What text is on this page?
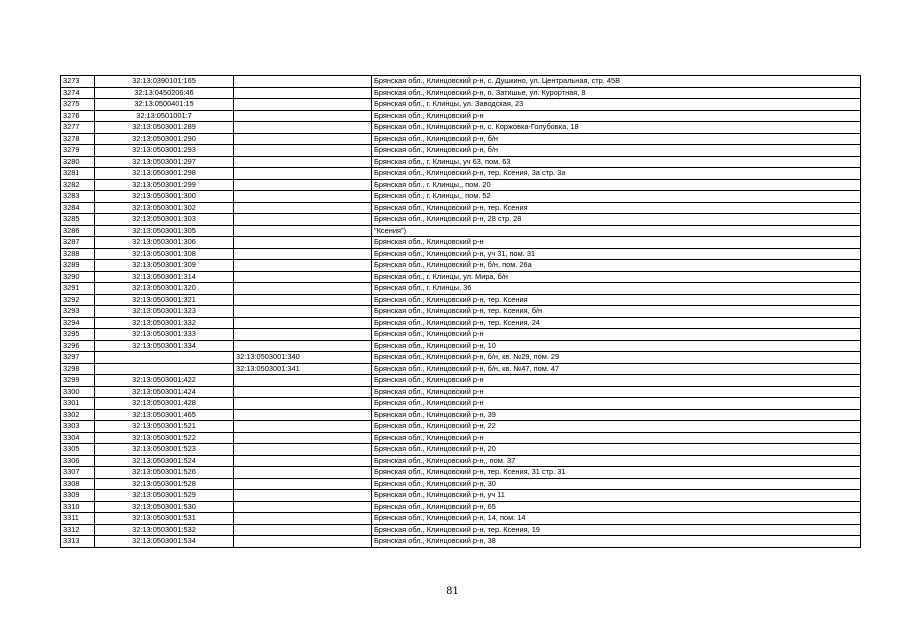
3273	32:13:0390101:165		Брянская обл., Клинцовский р-н, с. Душкино, ул. Центральная, стр. 45В
3274	32:13:0450206:46		Брянская обл., Клинцовский р-н, п. Затишье, ул. Курортная, 8
3275	32:13:0500401:15		Брянская обл., г. Клинцы, ул. Заводская, 23
3276	32:13:0501001:7		Брянская обл., Клинцовский р-н
3277	32:13:0503001:289		Брянская обл., Клинцовский р-н, с. Коржовка-Голубовка, 18
3278	32:13:0503001:290		Брянская обл., Клинцовский р-н, б/н
3279	32:13:0503001:293		Брянская обл., Клинцовский р-н, б/н
3280	32:13:0503001:297		Брянская обл., г. Клинцы, уч 63, пом. 63
3281	32:13:0503001:298		Брянская обл., Клинцовский р-н, тер. Ксения, 3а стр. 3а
3282	32:13:0503001:299		Брянская обл., г. Клинцы,, пом. 20
3283	32:13:0503001:300		Брянская обл., г. Клинцы,, пом. 52
3284	32:13:0503001:302		Брянская обл., Клинцовский р-н, тер. Ксения
3285	32:13:0503001:303		Брянская обл., Клинцовский р-н, 28 стр. 28
3286	32:13:0503001:305		"Ксения")
3287	32:13:0503001:306		Брянская обл., Клинцовский р-н
3288	32:13:0503001:308		Брянская обл., Клинцовский р-н, уч 31, пом. 31
3289	32:13:0503001:309		Брянская обл., Клинцовский р-н, б/н, пом. 26а
3290	32:13:0503001:314		Брянская обл., г. Клинцы, ул. Мира, б/н
3291	32:13:0503001:320		Брянская обл., г. Клинцы, 36
3292	32:13:0503001:321		Брянская обл., Клинцовский р-н, тер. Ксения
3293	32:13:0503001:323		Брянская обл., Клинцовский р-н, тер. Ксения, б/н
3294	32:13:0503001:332		Брянская обл., Клинцовский р-н, тер. Ксения, 24
3295	32:13:0503001:333		Брянская обл., Клинцовский р-н
3296	32:13:0503001:334		Брянская обл., Клинцовский р-н, 10
3297		32:13:0503001:340	Брянская обл., Клинцовский р-н, б/н, кв. №29, пом. 29
3298		32:13:0503001:341	Брянская обл., Клинцовский р-н, б/н, кв. №47, пом. 47
3299	32:13:0503001:422		Брянская обл., Клинцовский р-н
3300	32:13:0503001:424		Брянская обл., Клинцовский р-н
3301	32:13:0503001:428		Брянская обл., Клинцовский р-н
3302	32:13:0503001:465		Брянская обл., Клинцовский р-н, 39
3303	32:13:0503001:521		Брянская обл., Клинцовский р-н, 22
3304	32:13:0503001:522		Брянская обл., Клинцовский р-н
3305	32:13:0503001:523		Брянская обл., Клинцовский р-н, 20
3306	32:13:0503001:524		Брянская обл., Клинцовский р-н,, пом. 37
3307	32:13:0503001:526		Брянская обл., Клинцовский р-н, тер. Ксения, 31 стр. 31
3308	32:13:0503001:528		Брянская обл., Клинцовский р-н, 30
3309	32:13:0503001:529		Брянская обл., Клинцовский р-н, уч 11
3310	32:13:0503001:530		Брянская обл., Клинцовский р-н, 65
3311	32:13:0503001:531		Брянская обл., Клинцовский р-н, 14, пом. 14
3312	32:13:0503001:532		Брянская обл., Клинцовский р-н, тер. Ксения, 19
3313	32:13:0503001:534		Брянская обл., Клинцовский р-н, 38
81
